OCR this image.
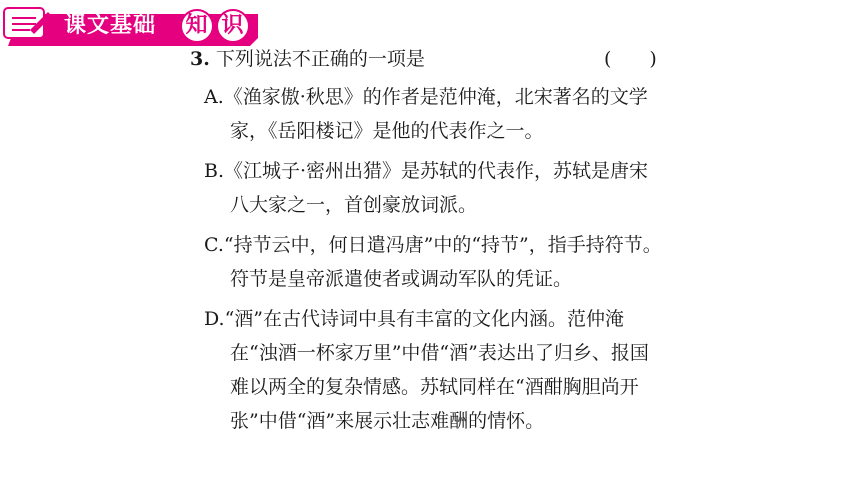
课文基础 知 识
3. 下列说法不正确的一项是	(　　)
A.《渔家傲·秋思》的作者是范仲淹，北宋著名的文学
家，《岳阳楼记》是他的代表作之一。
B.《江城子·密州出猎》是苏轼的代表作，苏轼是唐宋
八大家之一，首创豪放词派。
C.“持节云中，何日遣冯唐”中的“持节”，指手持符节。
符节是皇帝派遣使者或调动军队的凭证。
D.“酒”在古代诗词中具有丰富的文化内涵。范仲淹
在“浊酒一杯家万里”中借“酒”表达出了归乡、报国
难以两全的复杂情感。苏轼同样在“酒酣胸胆尚开
张”中借“酒”来展示壮志难酬的情怀。
